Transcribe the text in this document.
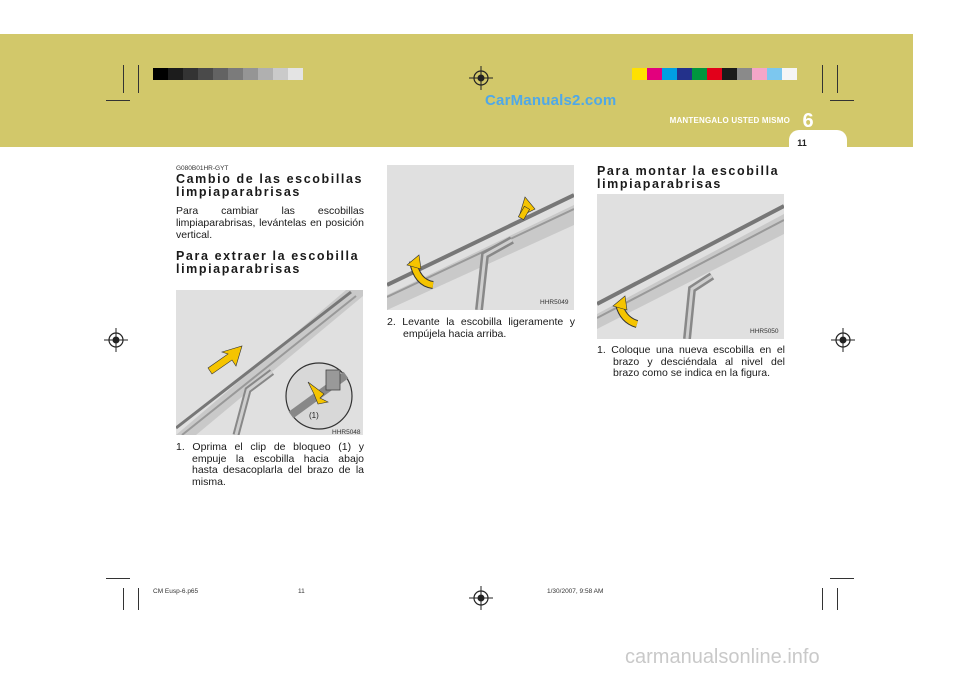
6
MANTENGALO USTED MISMO
11
CarManuals2.com
carmanualsonline.info
G080B01HR-GYT
Cambio de las escobillas limpiaparabrisas
Para cambiar las escobillas limpiaparabrisas, levántelas en posición vertical.
Para extraer la escobilla limpiaparabrisas
(1)
HHR5048
1. Oprima el clip de bloqueo (1) y empuje la escobilla hacia abajo hasta desacoplarla del brazo de la misma.
HHR5049
2. Levante la escobilla ligeramente y empújela hacia arriba.
Para montar la escobilla limpiaparabrisas
HHR5050
1. Coloque una nueva escobilla en el brazo y desciéndala al nivel del brazo como se indica en la figura.
CM Eusp-6.p65	11	1/30/2007, 9:58 AM
